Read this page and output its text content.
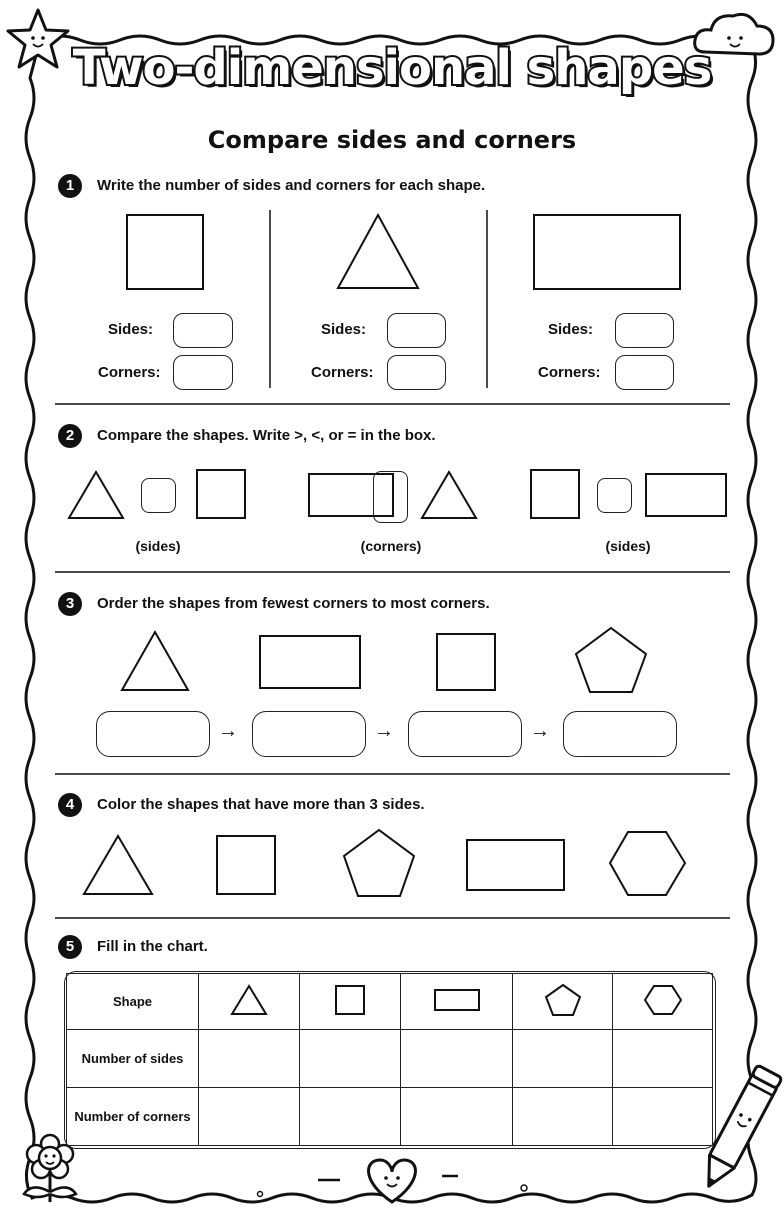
Two-dimensional shapes
Compare sides and corners
1	Write the number of sides and corners for each shape.
Sides:
Corners:
Sides:
Corners:
Sides:
Corners:
2	Compare the shapes. Write >, <, or = in the box.
(sides)	(corners)	(sides)
3	Order the shapes from fewest corners to most corners.
→	→	→
4	Color the shapes that have more than 3 sides.
5	Fill in the chart.
Shape					
Number of sides					
Number of corners					
